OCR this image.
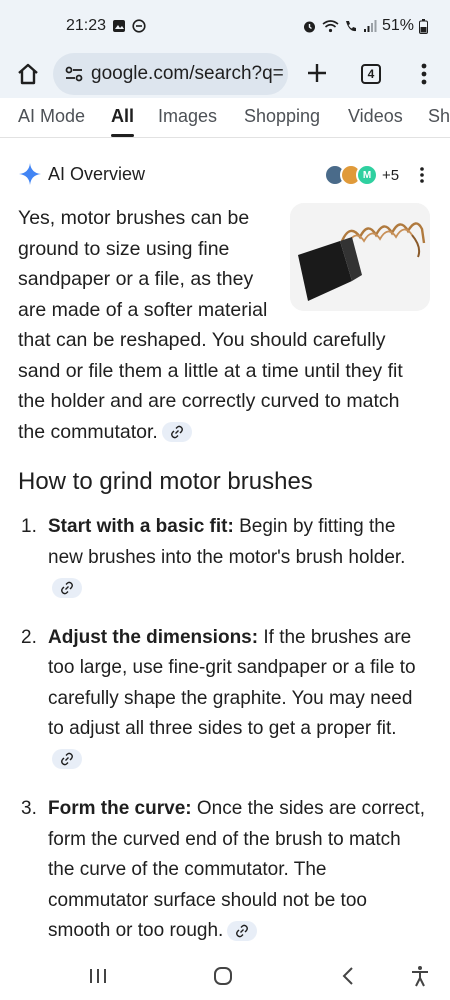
21:23	51%
google.com/search?q=	4
AI Mode All Images Shopping Videos Sh
AI Overview	M +5
Yes, motor brushes can be ground to size using fine sandpaper or a file, as they are made of a softer material that can be reshaped. You should carefully sand or file them a little at a time until they fit the holder and are correctly curved to match the commutator.
How to grind motor brushes
1. Start with a basic fit: Begin by fitting the new brushes into the motor's brush holder.
2. Adjust the dimensions: If the brushes are too large, use fine-grit sandpaper or a file to carefully shape the graphite. You may need to adjust all three sides to get a proper fit.
3. Form the curve: Once the sides are correct, form the curved end of the brush to match the curve of the commutator. The commutator surface should not be too smooth or too rough.
